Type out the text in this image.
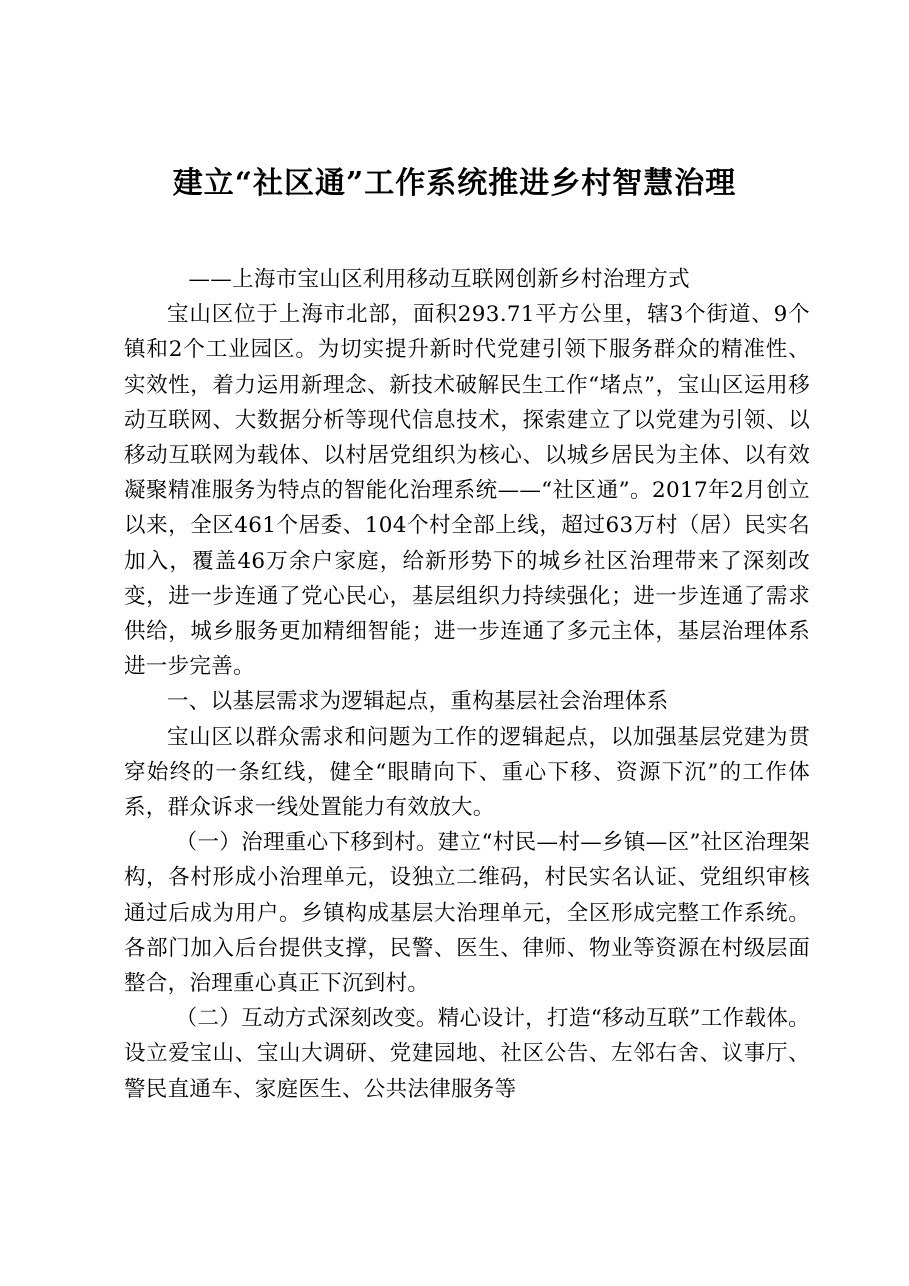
建立“社区通”工作系统推进乡村智慧治理

——上海市宝山区利用移动互联网创新乡村治理方式

宝山区位于上海市北部，面积293.71平方公里，辖3个街道、9个镇和2个工业园区。为切实提升新时代党建引领下服务群众的精准性、实效性，着力运用新理念、新技术破解民生工作“堵点”，宝山区运用移动互联网、大数据分析等现代信息技术，探索建立了以党建为引领、以移动互联网为载体、以村居党组织为核心、以城乡居民为主体、以有效凝聚精准服务为特点的智能化治理系统——“社区通”。2017年2月创立以来，全区461个居委、104个村全部上线，超过63万村（居）民实名加入，覆盖46万余户家庭，给新形势下的城乡社区治理带来了深刻改变，进一步连通了党心民心，基层组织力持续强化；进一步连通了需求供给，城乡服务更加精细智能；进一步连通了多元主体，基层治理体系进一步完善。

一、以基层需求为逻辑起点，重构基层社会治理体系

宝山区以群众需求和问题为工作的逻辑起点，以加强基层党建为贯穿始终的一条红线，健全“眼睛向下、重心下移、资源下沉”的工作体系，群众诉求一线处置能力有效放大。

（一）治理重心下移到村。建立“村民—村—乡镇—区”社区治理架构，各村形成小治理单元，设独立二维码，村民实名认证、党组织审核通过后成为用户。乡镇构成基层大治理单元，全区形成完整工作系统。各部门加入后台提供支撑，民警、医生、律师、物业等资源在村级层面整合，治理重心真正下沉到村。

（二）互动方式深刻改变。精心设计，打造“移动互联”工作载体。设立爱宝山、宝山大调研、党建园地、社区公告、左邻右舍、议事厅、警民直通车、家庭医生、公共法律服务等
